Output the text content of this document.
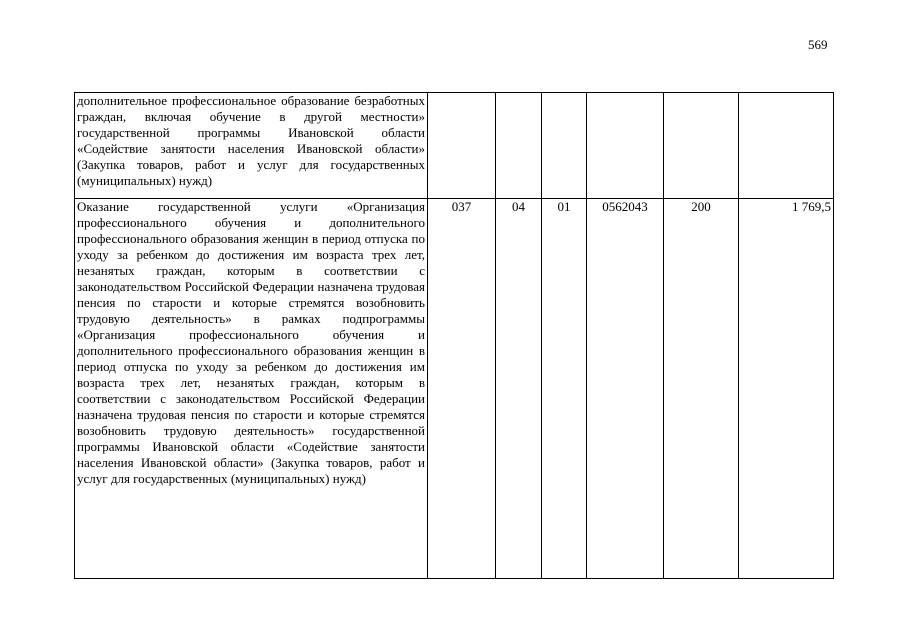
569
дополнительное профессиональное образование безработных граждан, включая обучение в другой местности» государственной программы Ивановской области «Содействие занятости населения Ивановской области» (Закупка товаров, работ и услуг для государственных (муниципальных) нужд)						
Оказание государственной услуги «Организация профессионального обучения и дополнительного профессионального образования женщин в период отпуска по уходу за ребенком до достижения им возраста трех лет, незанятых граждан, которым в соответствии с законодательством Российской Федерации назначена трудовая пенсия по старости и которые стремятся возобновить трудовую деятельность» в рамках подпрограммы «Организация профессионального обучения и дополнительного профессионального образования женщин в период отпуска по уходу за ребенком до достижения им возраста трех лет, незанятых граждан, которым в соответствии с законодательством Российской Федерации назначена трудовая пенсия по старости и которые стремятся возобновить трудовую деятельность» государственной программы Ивановской области «Содействие занятости населения Ивановской области» (Закупка товаров, работ и услуг для государственных (муниципальных) нужд)	037	04	01	0562043	200	1 769,5
